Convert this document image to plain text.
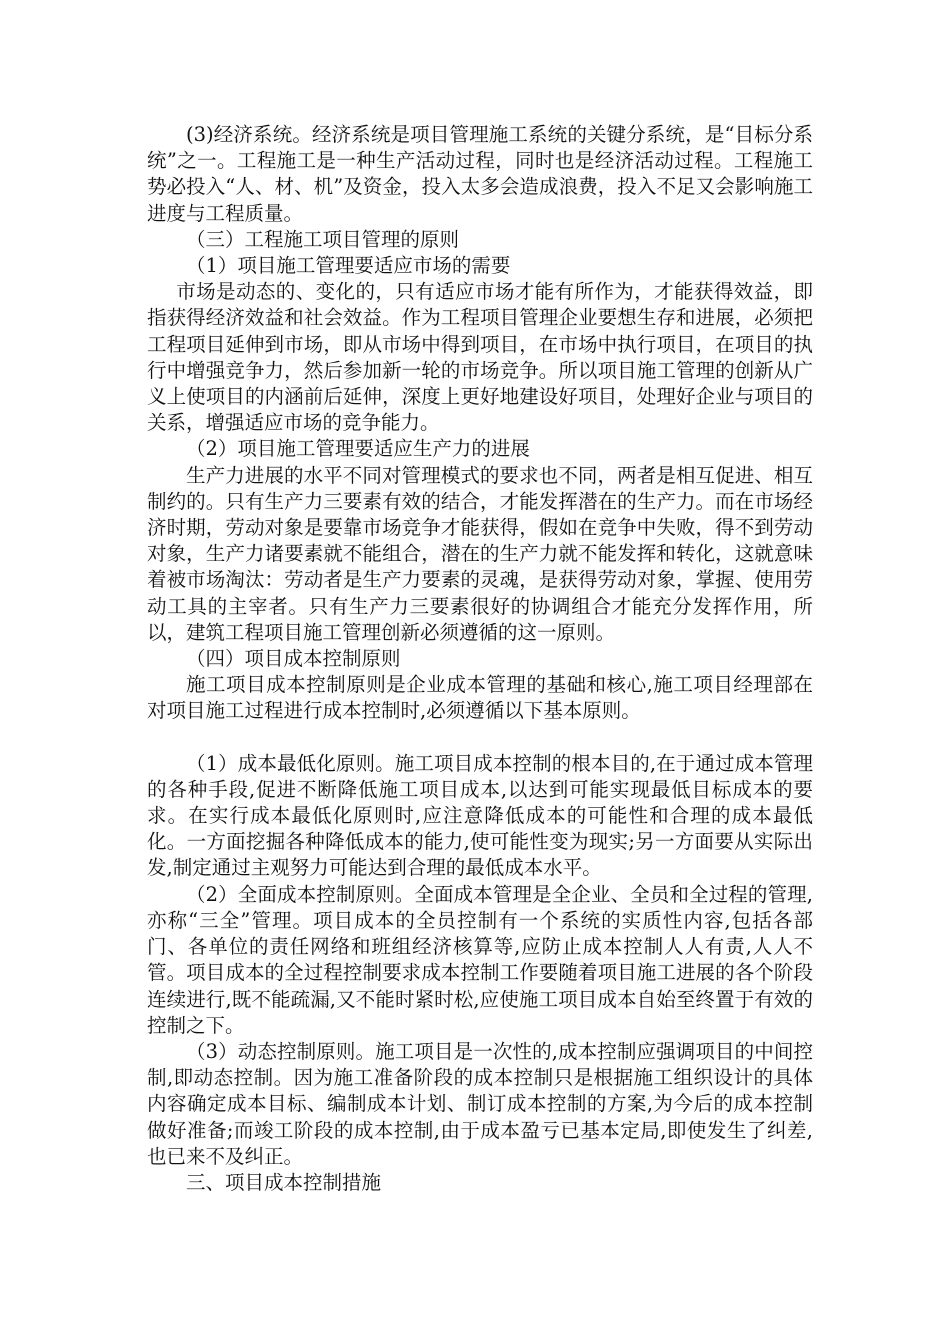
(3)经济系统。经济系统是项目管理施工系统的关键分系统，是“目标分系统”之一。工程施工是一种生产活动过程，同时也是经济活动过程。工程施工势必投入“人、材、机”及资金，投入太多会造成浪费，投入不足又会影响施工进度与工程质量。

（三）工程施工项目管理的原则

（1）项目施工管理要适应市场的需要

市场是动态的、变化的，只有适应市场才能有所作为，才能获得效益，即指获得经济效益和社会效益。作为工程项目管理企业要想生存和进展，必须把工程项目延伸到市场，即从市场中得到项目，在市场中执行项目，在项目的执行中增强竞争力，然后参加新一轮的市场竞争。所以项目施工管理的创新从广义上使项目的内涵前后延伸，深度上更好地建设好项目，处理好企业与项目的关系，增强适应市场的竞争能力。

（2）项目施工管理要适应生产力的进展

生产力进展的水平不同对管理模式的要求也不同，两者是相互促进、相互制约的。只有生产力三要素有效的结合，才能发挥潜在的生产力。而在市场经济时期，劳动对象是要靠市场竞争才能获得，假如在竞争中失败，得不到劳动对象，生产力诸要素就不能组合，潜在的生产力就不能发挥和转化，这就意味着被市场淘汰：劳动者是生产力要素的灵魂，是获得劳动对象，掌握、使用劳动工具的主宰者。只有生产力三要素很好的协调组合才能充分发挥作用，所以，建筑工程项目施工管理创新必须遵循的这一原则。

（四）项目成本控制原则

施工项目成本控制原则是企业成本管理的基础和核心,施工项目经理部在对项目施工过程进行成本控制时,必须遵循以下基本原则。

（1）成本最低化原则。施工项目成本控制的根本目的,在于通过成本管理的各种手段,促进不断降低施工项目成本,以达到可能实现最低目标成本的要求。在实行成本最低化原则时,应注意降低成本的可能性和合理的成本最低化。一方面挖掘各种降低成本的能力,使可能性变为现实;另一方面要从实际出发,制定通过主观努力可能达到合理的最低成本水平。

（2）全面成本控制原则。全面成本管理是全企业、全员和全过程的管理,亦称“三全”管理。项目成本的全员控制有一个系统的实质性内容,包括各部门、各单位的责任网络和班组经济核算等,应防止成本控制人人有责,人人不管。项目成本的全过程控制要求成本控制工作要随着项目施工进展的各个阶段连续进行,既不能疏漏,又不能时紧时松,应使施工项目成本自始至终置于有效的控制之下。

（3）动态控制原则。施工项目是一次性的,成本控制应强调项目的中间控制,即动态控制。因为施工准备阶段的成本控制只是根据施工组织设计的具体内容确定成本目标、编制成本计划、制订成本控制的方案,为今后的成本控制做好准备;而竣工阶段的成本控制,由于成本盈亏已基本定局,即使发生了纠差,也已来不及纠正。

三、项目成本控制措施
